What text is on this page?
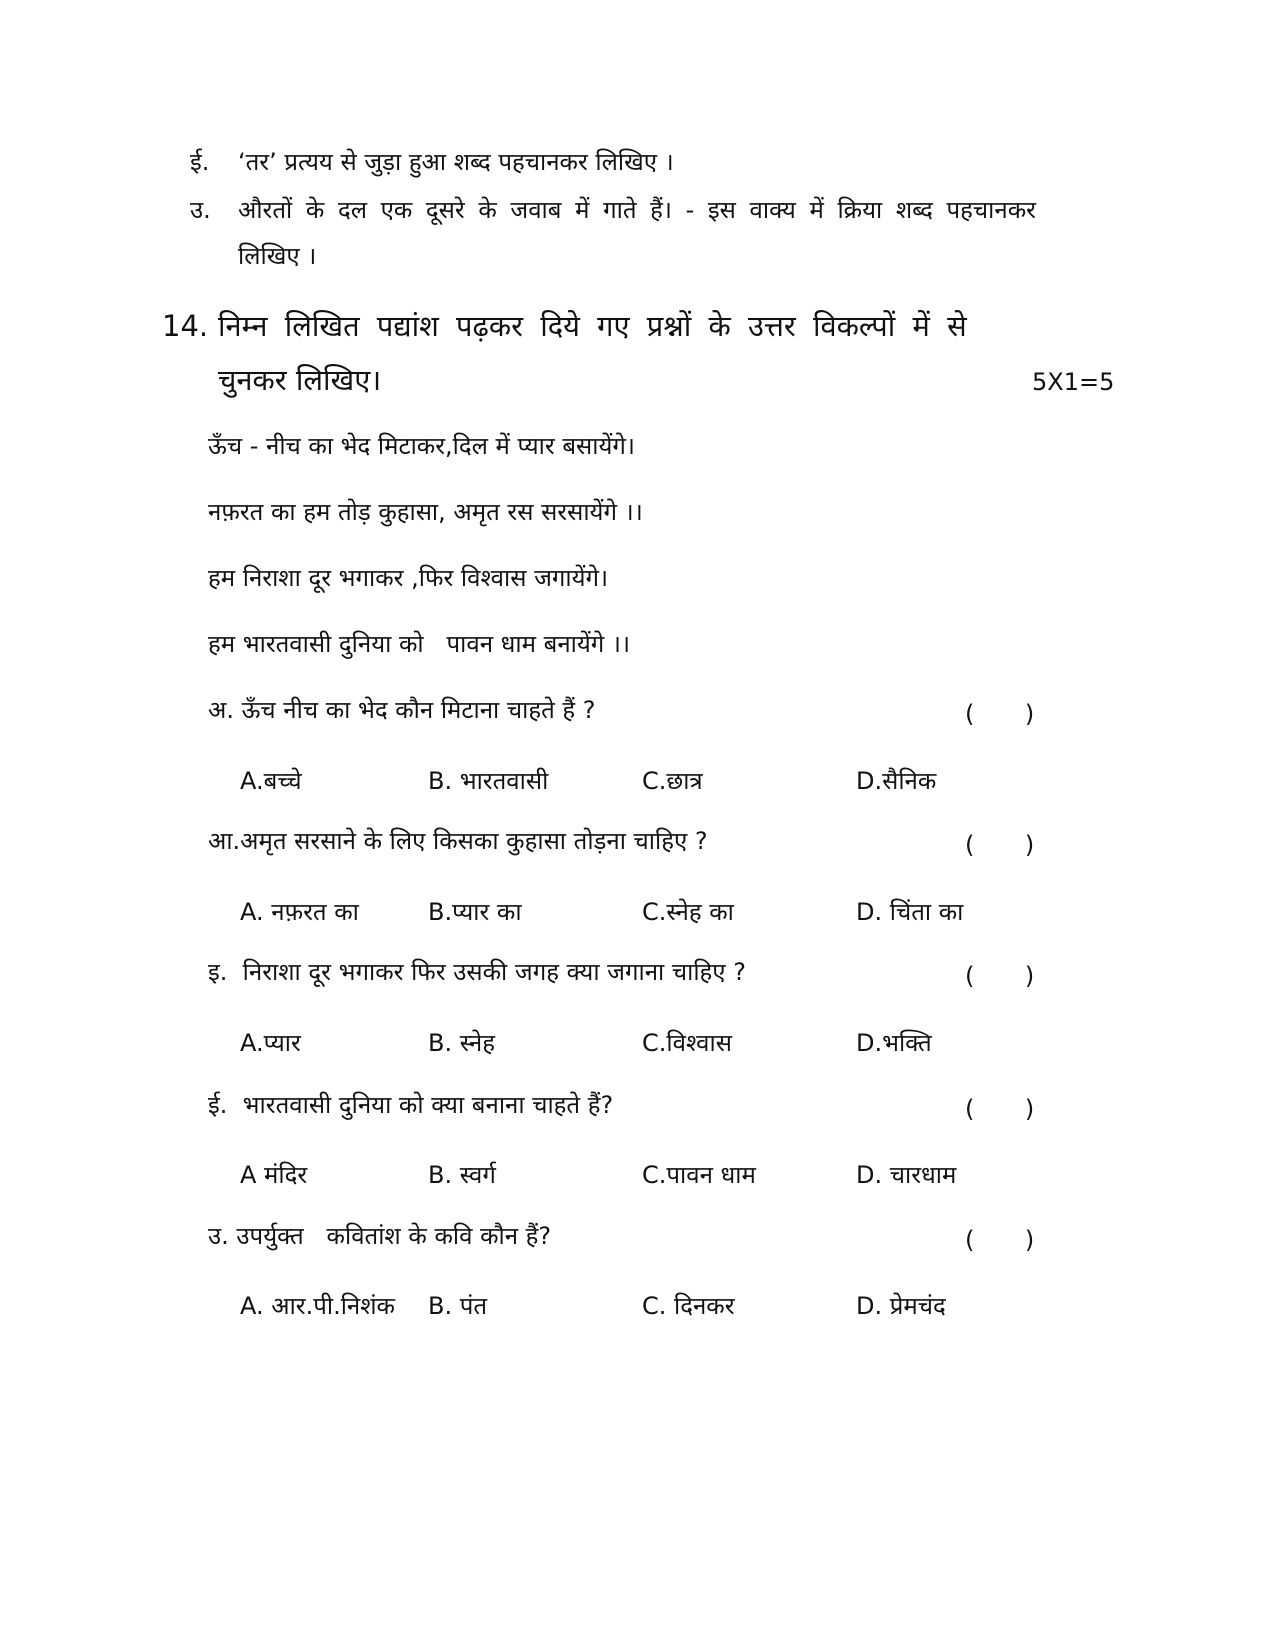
ई. ‘तर’ प्रत्यय से जुड़ा हुआ शब्द पहचानकर लिखिए ।
उ. औरतों के दल एक दूसरे के जवाब में गाते हैं। - इस वाक्य में क्रिया शब्द पहचानकर
लिखिए ।
14. निम्न लिखित पद्यांश पढ़कर दिये गए प्रश्नों के उत्तर विकल्पों में से
चुनकर लिखिए।	5X1=5
ऊँच - नीच का भेद मिटाकर,दिल में प्यार बसायेंगे।
नफ़रत का हम तोड़ कुहासा, अमृत रस सरसायेंगे ।।
हम निराशा दूर भगाकर ,फिर विश्वास जगायेंगे।
हम भारतवासी दुनिया को   पावन धाम बनायेंगे ।।
अ. ऊँच नीच का भेद कौन मिटाना चाहते हैं ?	(    )
A.बच्चे	B. भारतवासी	C.छात्र	D.सैनिक
आ.अमृत सरसाने के लिए किसका कुहासा तोड़ना चाहिए ?	(    )
A. नफ़रत का	B.प्यार का	C.स्नेह का	D. चिंता का
इ.  निराशा दूर भगाकर फिर उसकी जगह क्या जगाना चाहिए ?	(    )
A.प्यार	B. स्नेह	C.विश्वास	D.भक्ति
ई.  भारतवासी दुनिया को क्या बनाना चाहते हैं?	(    )
A मंदिर	B. स्वर्ग	C.पावन धाम	D. चारधाम
उ. उपर्युक्त   कवितांश के कवि कौन हैं?	(    )
A. आर.पी.निशंक B. पंत	C. दिनकर	D. प्रेमचंद
